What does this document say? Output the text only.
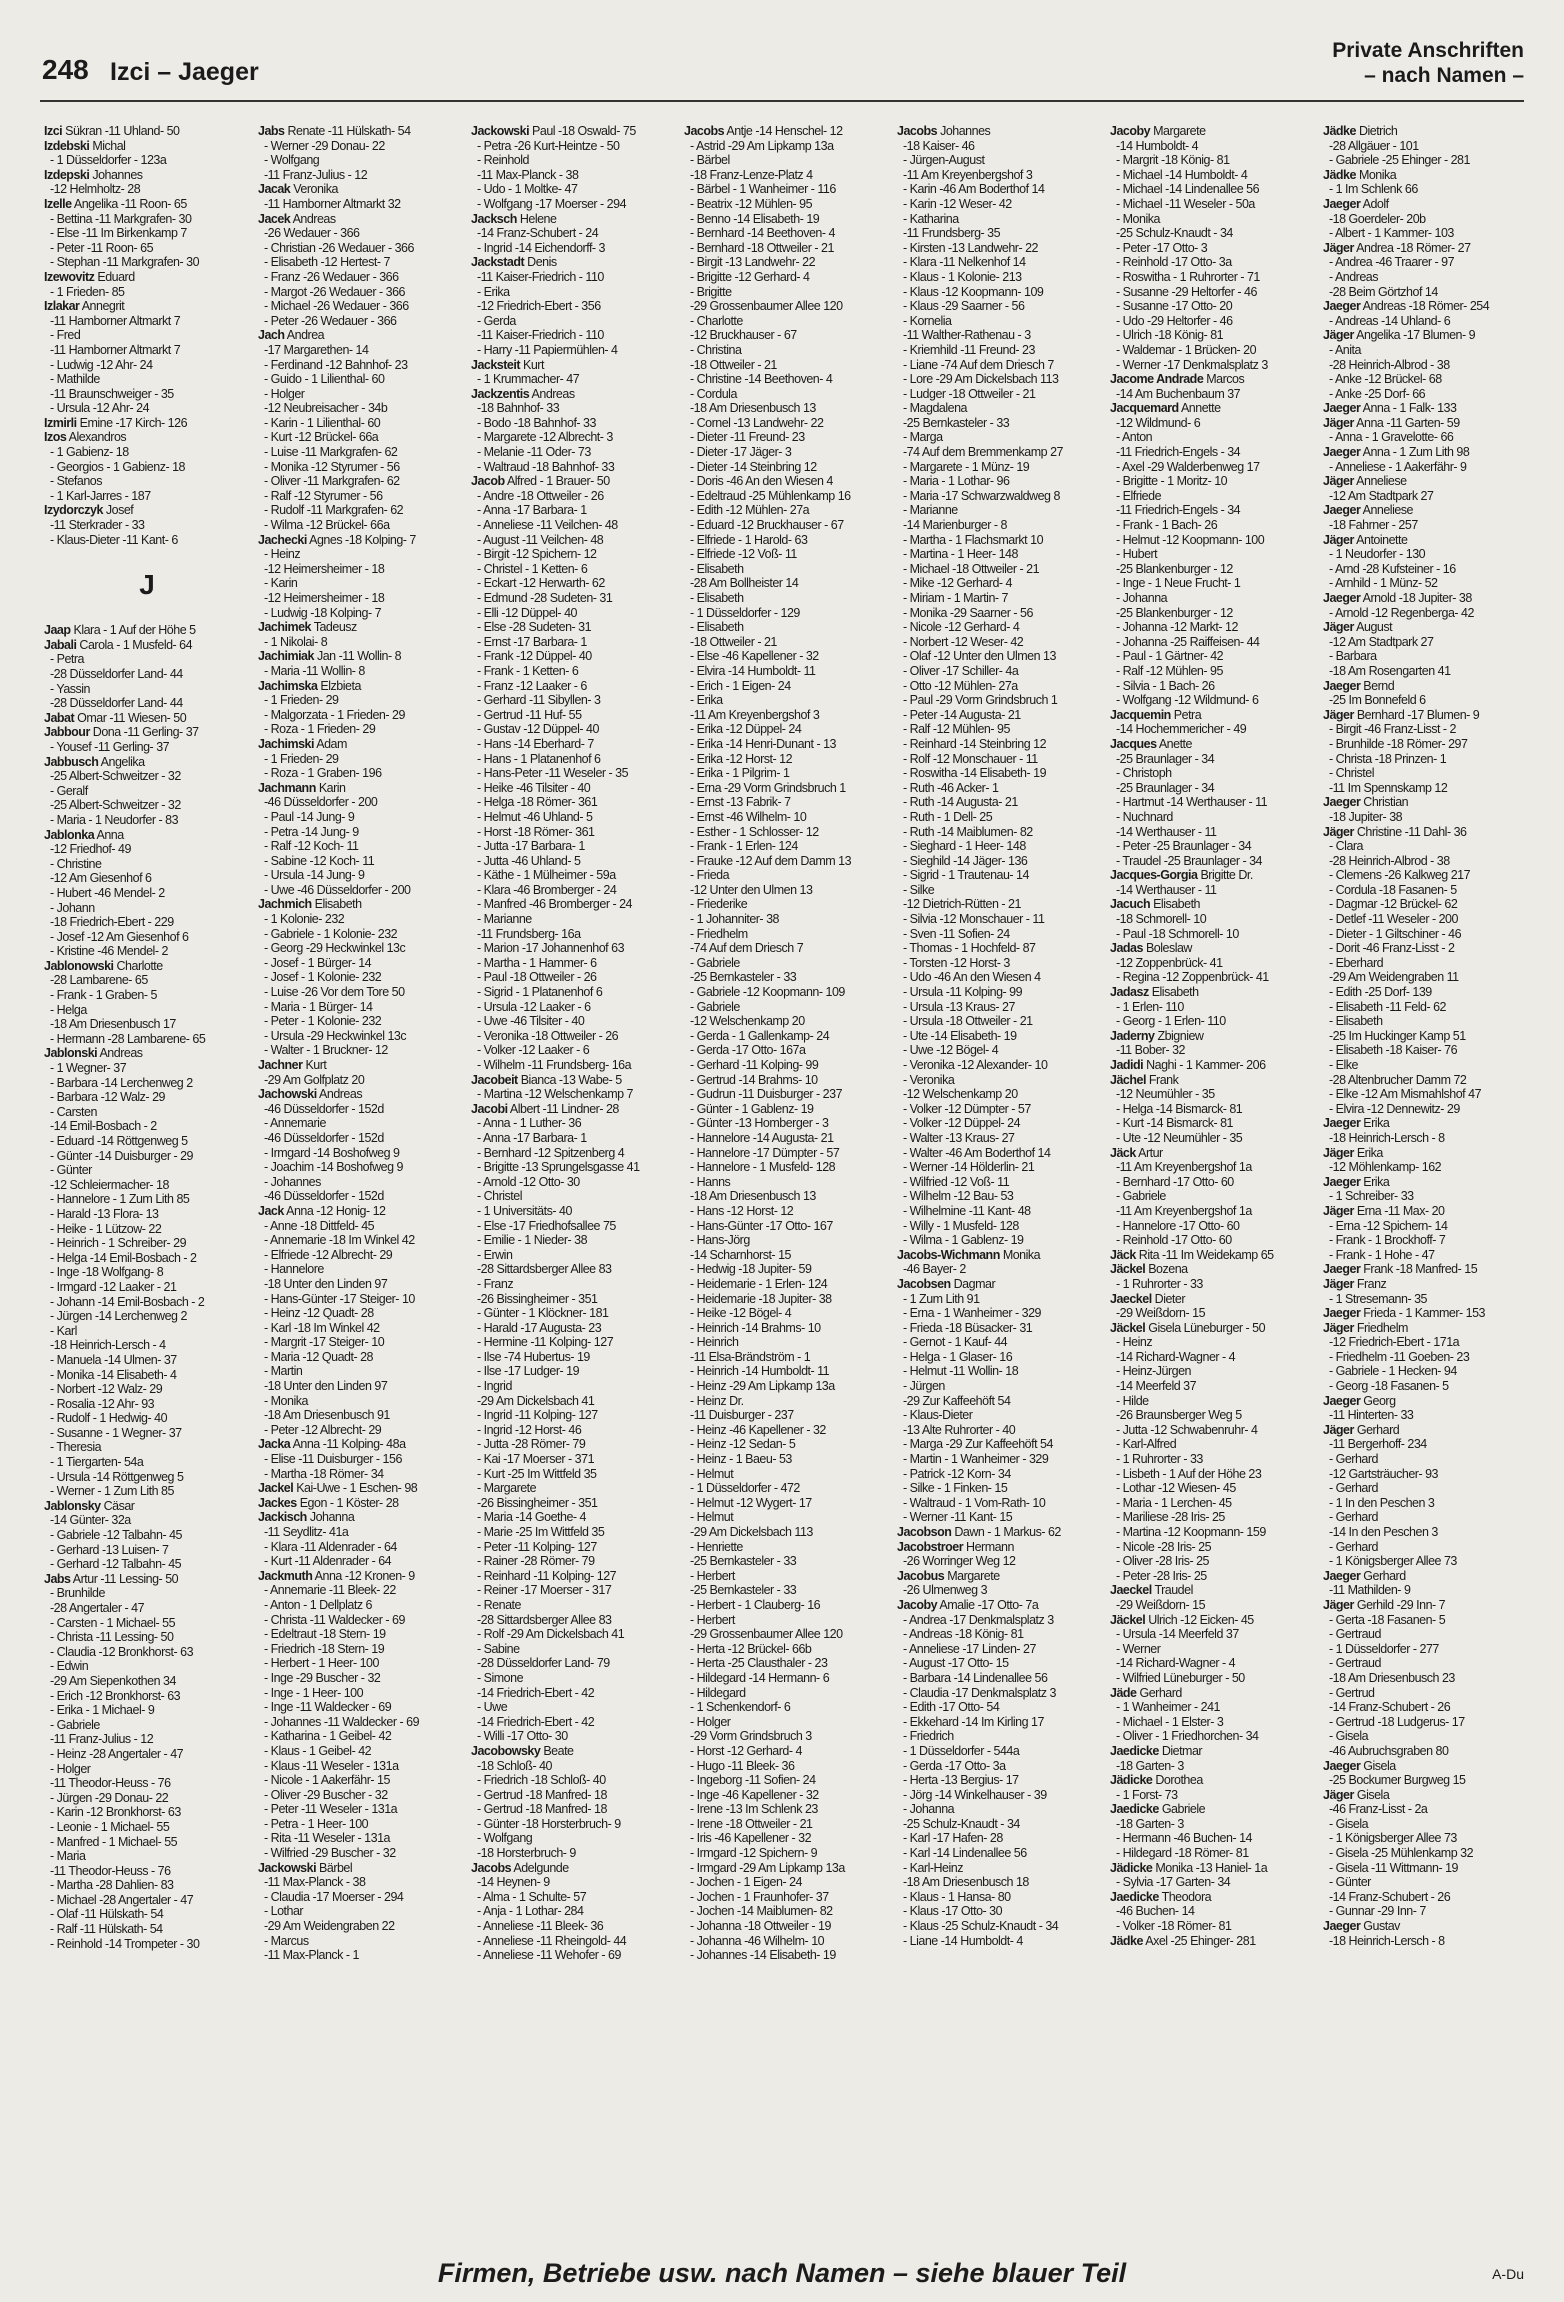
248 Izci – Jaeger
Private Anschriften
– nach Namen –
Izci Sükran -11 Uhland- 50
Izdebski Michal
- 1 Düsseldorfer - 123a
Izdepski Johannes
-12 Helmholtz- 28
Izelle Angelika -11 Roon- 65
- Bettina -11 Markgrafen- 30
- Else -11 Im Birkenkamp 7
- Peter -11 Roon- 65
- Stephan -11 Markgrafen- 30
Izewovitz Eduard
- 1 Frieden- 85
Izlakar Annegrit
-11 Hamborner Altmarkt 7
- Fred
-11 Hamborner Altmarkt 7
- Ludwig -12 Ahr- 24
- Mathilde
-11 Braunschweiger - 35
- Ursula -12 Ahr- 24
Izmirli Emine -17 Kirch- 126
Izos Alexandros
- 1 Gabienz- 18
- Georgios - 1 Gabienz- 18
- Stefanos
- 1 Karl-Jarres - 187
Izydorczyk Josef
-11 Sterkrader - 33
- Klaus-Dieter -11 Kant- 6
J
Jaap Klara - 1 Auf der Höhe 5
Jabali Carola - 1 Musfeld- 64
- Petra
-28 Düsseldorfer Land- 44
- Yassin
-28 Düsseldorfer Land- 44
Jabat Omar -11 Wiesen- 50
Jabbour Dona -11 Gerling- 37
- Yousef -11 Gerling- 37
Jabbusch Angelika
-25 Albert-Schweitzer - 32
- Geralf
-25 Albert-Schweitzer - 32
- Maria - 1 Neudorfer - 83
Jablonka Anna
-12 Friedhof- 49
- Christine
-12 Am Giesenhof 6
- Hubert -46 Mendel- 2
- Johann
-18 Friedrich-Ebert - 229
- Josef -12 Am Giesenhof 6
- Kristine -46 Mendel- 2
Jablonowski Charlotte
-28 Lambarene- 65
- Frank - 1 Graben- 5
- Helga
-18 Am Driesenbusch 17
- Hermann -28 Lambarene- 65
Jablonski Andreas
- 1 Wegner- 37
- Barbara -14 Lerchenweg 2
- Barbara -12 Walz- 29
- Carsten
-14 Emil-Bosbach - 2
- Eduard -14 Röttgenweg 5
- Günter -14 Duisburger - 29
- Günter
-12 Schleiermacher- 18
- Hannelore - 1 Zum Lith 85
- Harald -13 Flora- 13
- Heike - 1 Lützow- 22
- Heinrich - 1 Schreiber- 29
- Helga -14 Emil-Bosbach - 2
- Inge -18 Wolfgang- 8
- Irmgard -12 Laaker - 21
- Johann -14 Emil-Bosbach - 2
- Jürgen -14 Lerchenweg 2
- Karl
-18 Heinrich-Lersch - 4
- Manuela -14 Ulmen- 37
- Monika -14 Elisabeth- 4
- Norbert -12 Walz- 29
- Rosalia -12 Ahr- 93
- Rudolf - 1 Hedwig- 40
- Susanne - 1 Wegner- 37
- Theresia
- 1 Tiergarten- 54a
- Ursula -14 Röttgenweg 5
- Werner - 1 Zum Lith 85
Jablonsky Cäsar
-14 Günter- 32a
- Gabriele -12 Talbahn- 45
- Gerhard -13 Luisen- 7
- Gerhard -12 Talbahn- 45
Jabs Artur -11 Lessing- 50
- Brunhilde
-28 Angertaler - 47
- Carsten - 1 Michael- 55
- Christa -11 Lessing- 50
- Claudia -12 Bronkhorst- 63
- Edwin
-29 Am Siepenkothen 34
- Erich -12 Bronkhorst- 63
- Erika - 1 Michael- 9
- Gabriele
-11 Franz-Julius - 12
- Heinz -28 Angertaler - 47
- Holger
-11 Theodor-Heuss - 76
- Jürgen -29 Donau- 22
- Karin -12 Bronkhorst- 63
- Leonie - 1 Michael- 55
- Manfred - 1 Michael- 55
- Maria
-11 Theodor-Heuss - 76
- Martha -28 Dahlien- 83
- Michael -28 Angertaler - 47
- Olaf -11 Hülskath- 54
- Ralf -11 Hülskath- 54
- Reinhold -14 Trompeter - 30
Jabs Renate -11 Hülskath- 54
- Werner -29 Donau- 22
- Wolfgang
-11 Franz-Julius - 12
Jacak Veronika
-11 Hamborner Altmarkt 32
Jacek Andreas
-26 Wedauer - 366
- Christian -26 Wedauer - 366
- Elisabeth -12 Hertest- 7
- Franz -26 Wedauer - 366
- Margot -26 Wedauer - 366
- Michael -26 Wedauer - 366
- Peter -26 Wedauer - 366
Jach Andrea
-17 Margarethen- 14
- Ferdinand -12 Bahnhof- 23
- Guido - 1 Lilienthal- 60
- Holger
-12 Neubreisacher - 34b
- Karin - 1 Lilienthal- 60
- Kurt -12 Brückel- 66a
- Luise -11 Markgrafen- 62
- Monika -12 Styrumer - 56
- Oliver -11 Markgrafen- 62
- Ralf -12 Styrumer - 56
- Rudolf -11 Markgrafen- 62
- Wilma -12 Brückel- 66a
Jachecki Agnes -18 Kolping- 7
- Heinz
-12 Heimersheimer - 18
- Karin
-12 Heimersheimer - 18
- Ludwig -18 Kolping- 7
Jachimek Tadeusz
- 1 Nikolai- 8
Jachimiak Jan -11 Wollin- 8
- Maria -11 Wollin- 8
Jachimska Elzbieta
- 1 Frieden- 29
- Malgorzata - 1 Frieden- 29
- Roza - 1 Frieden- 29
Jachimski Adam
- 1 Frieden- 29
- Roza - 1 Graben- 196
Jachmann Karin
-46 Düsseldorfer - 200
- Paul -14 Jung- 9
- Petra -14 Jung- 9
- Ralf -12 Koch- 11
- Sabine -12 Koch- 11
- Ursula -14 Jung- 9
- Uwe -46 Düsseldorfer - 200
Jachmich Elisabeth
- 1 Kolonie- 232
- Gabriele - 1 Kolonie- 232
- Georg -29 Heckwinkel 13c
- Josef - 1 Bürger- 14
- Josef - 1 Kolonie- 232
- Luise -26 Vor dem Tore 50
- Maria - 1 Bürger- 14
- Peter - 1 Kolonie- 232
- Ursula -29 Heckwinkel 13c
- Walter - 1 Bruckner- 12
Jachner Kurt
-29 Am Golfplatz 20
Jachowski Andreas
-46 Düsseldorfer - 152d
- Annemarie
-46 Düsseldorfer - 152d
- Irmgard -14 Boshofweg 9
- Joachim -14 Boshofweg 9
- Johannes
-46 Düsseldorfer - 152d
Jack Anna -12 Honig- 12
- Anne -18 Dittfeld- 45
- Annemarie -18 Im Winkel 42
- Elfriede -12 Albrecht- 29
- Hannelore
-18 Unter den Linden 97
- Hans-Günter -17 Steiger- 10
- Heinz -12 Quadt- 28
- Karl -18 Im Winkel 42
- Margrit -17 Steiger- 10
- Maria -12 Quadt- 28
- Martin
-18 Unter den Linden 97
- Monika
-18 Am Driesenbusch 91
- Peter -12 Albrecht- 29
Jacka Anna -11 Kolping- 48a
- Elise -11 Duisburger - 156
- Martha -18 Römer- 34
Jackel Kai-Uwe - 1 Eschen- 98
Jackes Egon - 1 Köster- 28
Jackisch Johanna
-11 Seydlitz- 41a
- Klara -11 Aldenrader - 64
- Kurt -11 Aldenrader - 64
Jackmuth Anna -12 Kronen- 9
- Annemarie -11 Bleek- 22
- Anton - 1 Dellplatz 6
- Christa -11 Waldecker - 69
- Edeltraut -18 Stern- 19
- Friedrich -18 Stern- 19
- Herbert - 1 Heer- 100
- Inge -29 Buscher - 32
- Inge - 1 Heer- 100
- Inge -11 Waldecker - 69
- Johannes -11 Waldecker - 69
- Katharina - 1 Geibel- 42
- Klaus - 1 Geibel- 42
- Klaus -11 Weseler - 131a
- Nicole - 1 Aakerfähr- 15
- Oliver -29 Buscher - 32
- Peter -11 Weseler - 131a
- Petra - 1 Heer- 100
- Rita -11 Weseler - 131a
- Wilfried -29 Buscher - 32
Jackowski Bärbel
-11 Max-Planck - 38
- Claudia -17 Moerser - 294
- Lothar
-29 Am Weidengraben 22
- Marcus
-11 Max-Planck - 1
Jackowski Paul -18 Oswald- 75
- Petra -26 Kurt-Heintze - 50
- Reinhold
-11 Max-Planck - 38
- Udo - 1 Moltke- 47
- Wolfgang -17 Moerser - 294
Jacksch Helene
-14 Franz-Schubert - 24
- Ingrid -14 Eichendorff- 3
Jackstadt Denis
-11 Kaiser-Friedrich - 110
- Erika
-12 Friedrich-Ebert - 356
- Gerda
-11 Kaiser-Friedrich - 110
- Harry -11 Papiermühlen- 4
Jacksteit Kurt
- 1 Krummacher- 47
Jackzentis Andreas
-18 Bahnhof- 33
- Bodo -18 Bahnhof- 33
- Margarete -12 Albrecht- 3
- Melanie -11 Oder- 73
- Waltraud -18 Bahnhof- 33
Jacob Alfred - 1 Brauer- 50
- Andre -18 Ottweiler - 26
- Anna -17 Barbara- 1
- Anneliese -11 Veilchen- 48
- August -11 Veilchen- 48
- Birgit -12 Spichern- 12
- Christel - 1 Ketten- 6
- Eckart -12 Herwarth- 62
- Edmund -28 Sudeten- 31
- Elli -12 Düppel- 40
- Else -28 Sudeten- 31
- Ernst -17 Barbara- 1
- Frank -12 Düppel- 40
- Frank - 1 Ketten- 6
- Franz -12 Laaker - 6
- Gerhard -11 Sibyllen- 3
- Gertrud -11 Huf- 55
- Gustav -12 Düppel- 40
- Hans -14 Eberhard- 7
- Hans - 1 Platanenhof 6
- Hans-Peter -11 Weseler - 35
- Heike -46 Tilsiter - 40
- Helga -18 Römer- 361
- Helmut -46 Uhland- 5
- Horst -18 Römer- 361
- Jutta -17 Barbara- 1
- Jutta -46 Uhland- 5
- Käthe - 1 Mülheimer - 59a
- Klara -46 Bromberger - 24
- Manfred -46 Bromberger - 24
- Marianne
-11 Frundsberg- 16a
- Marion -17 Johannenhof 63
- Martha - 1 Hammer- 6
- Paul -18 Ottweiler - 26
- Sigrid - 1 Platanenhof 6
- Ursula -12 Laaker - 6
- Uwe -46 Tilsiter - 40
- Veronika -18 Ottweiler - 26
- Volker -12 Laaker - 6
- Wilhelm -11 Frundsberg- 16a
Jacobeit Bianca -13 Wabe- 5
- Martina -12 Welschenkamp 7
Jacobi Albert -11 Lindner- 28
- Anna - 1 Luther- 36
- Anna -17 Barbara- 1
- Bernhard -12 Spitzenberg 4
- Brigitte -13 Sprungelsgasse 41
- Arnold -12 Otto- 30
- Christel
- 1 Universitäts- 40
- Else -17 Friedhofsallee 75
- Emilie - 1 Nieder- 38
- Erwin
-28 Sittardsberger Allee 83
- Franz
-26 Bissingheimer - 351
- Günter - 1 Klöckner- 181
- Harald -17 Augusta- 23
- Hermine -11 Kolping- 127
- Ilse -74 Hubertus- 19
- Ilse -17 Ludger- 19
- Ingrid
-29 Am Dickelsbach 41
- Ingrid -11 Kolping- 127
- Ingrid -12 Horst- 46
- Jutta -28 Römer- 79
- Kai -17 Moerser - 371
- Kurt -25 Im Wittfeld 35
- Margarete
-26 Bissingheimer - 351
- Maria -14 Goethe- 4
- Marie -25 Im Wittfeld 35
- Peter -11 Kolping- 127
- Rainer -28 Römer- 79
- Reinhard -11 Kolping- 127
- Reiner -17 Moerser - 317
- Renate
-28 Sittardsberger Allee 83
- Rolf -29 Am Dickelsbach 41
- Sabine
-28 Düsseldorfer Land- 79
- Simone
-14 Friedrich-Ebert - 42
- Uwe
-14 Friedrich-Ebert - 42
- Willi -17 Otto- 30
Jacobowsky Beate
-18 Schloß- 40
- Friedrich -18 Schloß- 40
- Gertrud -18 Manfred- 18
- Gertrud -18 Manfred- 18
- Günter -18 Horsterbruch- 9
- Wolfgang
-18 Horsterbruch- 9
Jacobs Adelgunde
-14 Heynen- 9
- Alma - 1 Schulte- 57
- Anja - 1 Lothar- 284
- Anneliese -11 Bleek- 36
- Anneliese -11 Rheingold- 44
- Anneliese -11 Wehofer - 69
Jacobs Antje -14 Henschel- 12
- Astrid -29 Am Lipkamp 13a
- Bärbel
-18 Franz-Lenze-Platz 4
- Bärbel - 1 Wanheimer - 116
- Beatrix -12 Mühlen- 95
- Benno -14 Elisabeth- 19
- Bernhard -14 Beethoven- 4
- Bernhard -18 Ottweiler - 21
- Birgit -13 Landwehr- 22
- Brigitte -12 Gerhard- 4
- Brigitte
-29 Grossenbaumer Allee 120
- Charlotte
-12 Bruckhauser - 67
- Christina
-18 Ottweiler - 21
- Christine -14 Beethoven- 4
- Cordula
-18 Am Driesenbusch 13
- Cornel -13 Landwehr- 22
- Dieter -11 Freund- 23
- Dieter -17 Jäger- 3
- Dieter -14 Steinbring 12
- Doris -46 An den Wiesen 4
- Edeltraud -25 Mühlenkamp 16
- Edith -12 Mühlen- 27a
- Eduard -12 Bruckhauser - 67
- Elfriede - 1 Harold- 63
- Elfriede -12 Voß- 11
- Elisabeth
-28 Am Bollheister 14
- Elisabeth
- 1 Düsseldorfer - 129
- Elisabeth
-18 Ottweiler - 21
- Else -46 Kapellener - 32
- Elvira -14 Humboldt- 11
- Erich - 1 Eigen- 24
- Erika
-11 Am Kreyenbergshof 3
- Erika -12 Düppel- 24
- Erika -14 Henri-Dunant - 13
- Erika -12 Horst- 12
- Erika - 1 Pilgrim- 1
- Erna -29 Vorm Grindsbruch 1
- Ernst -13 Fabrik- 7
- Ernst -46 Wilhelm- 10
- Esther - 1 Schlosser- 12
- Frank - 1 Erlen- 124
- Frauke -12 Auf dem Damm 13
- Frieda
-12 Unter den Ulmen 13
- Friederike
- 1 Johanniter- 38
- Friedhelm
-74 Auf dem Driesch 7
- Gabriele
-25 Bernkasteler - 33
- Gabriele -12 Koopmann- 109
- Gabriele
-12 Welschenkamp 20
- Gerda - 1 Gallenkamp- 24
- Gerda -17 Otto- 167a
- Gerhard -11 Kolping- 99
- Gertrud -14 Brahms- 10
- Gudrun -11 Duisburger - 237
- Günter - 1 Gablenz- 19
- Günter -13 Homberger - 3
- Hannelore -14 Augusta- 21
- Hannelore -17 Dümpter - 57
- Hannelore - 1 Musfeld- 128
- Hanns
-18 Am Driesenbusch 13
- Hans -12 Horst- 12
- Hans-Günter -17 Otto- 167
- Hans-Jörg
-14 Scharnhorst- 15
- Hedwig -18 Jupiter- 59
- Heidemarie - 1 Erlen- 124
- Heidemarie -18 Jupiter- 38
- Heike -12 Bögel- 4
- Heinrich -14 Brahms- 10
- Heinrich
-11 Elsa-Brändström - 1
- Heinrich -14 Humboldt- 11
- Heinz -29 Am Lipkamp 13a
- Heinz Dr.
-11 Duisburger - 237
- Heinz -46 Kapellener - 32
- Heinz -12 Sedan- 5
- Heinz - 1 Baeu- 53
- Helmut
- 1 Düsseldorfer - 472
- Helmut -12 Wygert- 17
- Helmut
-29 Am Dickelsbach 113
- Henriette
-25 Bernkasteler - 33
- Herbert
-25 Bernkasteler - 33
- Herbert - 1 Clauberg- 16
- Herbert
-29 Grossenbaumer Allee 120
- Herta -12 Brückel- 66b
- Herta -25 Clausthaler - 23
- Hildegard -14 Hermann- 6
- Hildegard
- 1 Schenkendorf- 6
- Holger
-29 Vorm Grindsbruch 3
- Horst -12 Gerhard- 4
- Hugo -11 Bleek- 36
- Ingeborg -11 Sofien- 24
- Inge -46 Kapellener - 32
- Irene -13 Im Schlenk 23
- Irene -18 Ottweiler - 21
- Iris -46 Kapellener - 32
- Irmgard -12 Spichern- 9
- Irmgard -29 Am Lipkamp 13a
- Jochen - 1 Eigen- 24
- Jochen - 1 Fraunhofer- 37
- Jochen -14 Maiblumen- 82
- Johanna -18 Ottweiler - 19
- Johanna -46 Wilhelm- 10
- Johannes -14 Elisabeth- 19
Jacobs Johannes
-18 Kaiser- 46
- Jürgen-August
-11 Am Kreyenbergshof 3
- Karin -46 Am Boderthof 14
- Karin -12 Weser- 42
- Katharina
-11 Frundsberg- 35
- Kirsten -13 Landwehr- 22
- Klara -11 Nelkenhof 14
- Klaus - 1 Kolonie- 213
- Klaus -12 Koopmann- 109
- Klaus -29 Saarner - 56
- Kornelia
-11 Walther-Rathenau - 3
- Kriemhild -11 Freund- 23
- Liane -74 Auf dem Driesch 7
- Lore -29 Am Dickelsbach 113
- Ludger -18 Ottweiler - 21
- Magdalena
-25 Bernkasteler - 33
- Marga
-74 Auf dem Bremmenkamp 27
- Margarete - 1 Münz- 19
- Maria - 1 Lothar- 96
- Maria -17 Schwarzwaldweg 8
- Marianne
-14 Marienburger - 8
- Martha - 1 Flachsmarkt 10
- Martina - 1 Heer- 148
- Michael -18 Ottweiler - 21
- Mike -12 Gerhard- 4
- Miriam - 1 Martin- 7
- Monika -29 Saarner - 56
- Nicole -12 Gerhard- 4
- Norbert -12 Weser- 42
- Olaf -12 Unter den Ulmen 13
- Oliver -17 Schiller- 4a
- Otto -12 Mühlen- 27a
- Paul -29 Vorm Grindsbruch 1
- Peter -14 Augusta- 21
- Ralf -12 Mühlen- 95
- Reinhard -14 Steinbring 12
- Rolf -12 Monschauer - 11
- Roswitha -14 Elisabeth- 19
- Ruth -46 Acker- 1
- Ruth -14 Augusta- 21
- Ruth - 1 Dell- 25
- Ruth -14 Maiblumen- 82
- Sieghard - 1 Heer- 148
- Sieghild -14 Jäger- 136
- Sigrid - 1 Trautenau- 14
- Silke
-12 Dietrich-Rütten - 21
- Silvia -12 Monschauer - 11
- Sven -11 Sofien- 24
- Thomas - 1 Hochfeld- 87
- Torsten -12 Horst- 3
- Udo -46 An den Wiesen 4
- Ursula -11 Kolping- 99
- Ursula -13 Kraus- 27
- Ursula -18 Ottweiler - 21
- Ute -14 Elisabeth- 19
- Uwe -12 Bögel- 4
- Veronika -12 Alexander- 10
- Veronika
-12 Welschenkamp 20
- Volker -12 Dümpter - 57
- Volker -12 Düppel- 24
- Walter -13 Kraus- 27
- Walter -46 Am Boderthof 14
- Werner -14 Hölderlin- 21
- Wilfried -12 Voß- 11
- Wilhelm -12 Bau- 53
- Wilhelmine -11 Kant- 48
- Willy - 1 Musfeld- 128
- Wilma - 1 Gablenz- 19
Jacobs-Wichmann Monika
-46 Bayer- 2
Jacobsen Dagmar
- 1 Zum Lith 91
- Erna - 1 Wanheimer - 329
- Frieda -18 Büsacker- 31
- Gernot - 1 Kauf- 44
- Helga - 1 Glaser- 16
- Helmut -11 Wollin- 18
- Jürgen
-29 Zur Kaffeehöft 54
- Klaus-Dieter
-13 Alte Ruhrorter - 40
- Marga -29 Zur Kaffeehöft 54
- Martin - 1 Wanheimer - 329
- Patrick -12 Korn- 34
- Silke - 1 Finken- 15
- Waltraud - 1 Vom-Rath- 10
- Werner -11 Kant- 15
Jacobson Dawn - 1 Markus- 62
Jacobstroer Hermann
-26 Worringer Weg 12
Jacobus Margarete
-26 Ulmenweg 3
Jacoby Amalie -17 Otto- 7a
- Andrea -17 Denkmalsplatz 3
- Andreas -18 König- 81
- Anneliese -17 Linden- 27
- August -17 Otto- 15
- Barbara -14 Lindenallee 56
- Claudia -17 Denkmalsplatz 3
- Edith -17 Otto- 54
- Ekkehard -14 Im Kirling 17
- Friedrich
- 1 Düsseldorfer - 544a
- Gerda -17 Otto- 3a
- Herta -13 Bergius- 17
- Jörg -14 Winkelhauser - 39
- Johanna
-25 Schulz-Knaudt - 34
- Karl -17 Hafen- 28
- Karl -14 Lindenallee 56
- Karl-Heinz
-18 Am Driesenbusch 18
- Klaus - 1 Hansa- 80
- Klaus -17 Otto- 30
- Klaus -25 Schulz-Knaudt - 34
- Liane -14 Humboldt- 4
Jacoby Margarete
-14 Humboldt- 4
- Margrit -18 König- 81
- Michael -14 Humboldt- 4
- Michael -14 Lindenallee 56
- Michael -11 Weseler - 50a
- Monika
-25 Schulz-Knaudt - 34
- Peter -17 Otto- 3
- Reinhold -17 Otto- 3a
- Roswitha - 1 Ruhrorter - 71
- Susanne -29 Heltorfer - 46
- Susanne -17 Otto- 20
- Udo -29 Heltorfer - 46
- Ulrich -18 König- 81
- Waldemar - 1 Brücken- 20
- Werner -17 Denkmalsplatz 3
Jacome Andrade Marcos
-14 Am Buchenbaum 37
Jacquemard Annette
-12 Wildmund- 6
- Anton
-11 Friedrich-Engels - 34
- Axel -29 Walderbenweg 17
- Brigitte - 1 Moritz- 10
- Elfriede
-11 Friedrich-Engels - 34
- Frank - 1 Bach- 26
- Helmut -12 Koopmann- 100
- Hubert
-25 Blankenburger - 12
- Inge - 1 Neue Frucht- 1
- Johanna
-25 Blankenburger - 12
- Johanna -12 Markt- 12
- Johanna -25 Raiffeisen- 44
- Paul - 1 Gärtner- 42
- Ralf -12 Mühlen- 95
- Silvia - 1 Bach- 26
- Wolfgang -12 Wildmund- 6
Jacquemin Petra
-14 Hochemmericher - 49
Jacques Anette
-25 Braunlager - 34
- Christoph
-25 Braunlager - 34
- Hartmut -14 Werthauser - 11
- Nuchnard
-14 Werthauser - 11
- Peter -25 Braunlager - 34
- Traudel -25 Braunlager - 34
Jacques-Gorgia Brigitte Dr.
-14 Werthauser - 11
Jacuch Elisabeth
-18 Schmorell- 10
- Paul -18 Schmorell- 10
Jadas Boleslaw
-12 Zoppenbrück- 41
- Regina -12 Zoppenbrück- 41
Jadasz Elisabeth
- 1 Erlen- 110
- Georg - 1 Erlen- 110
Jaderny Zbigniew
-11 Bober- 32
Jadidi Naghi - 1 Kammer- 206
Jächel Frank
-12 Neumühler - 35
- Helga -14 Bismarck- 81
- Kurt -14 Bismarck- 81
- Ute -12 Neumühler - 35
Jäck Artur
-11 Am Kreyenbergshof 1a
- Bernhard -17 Otto- 60
- Gabriele
-11 Am Kreyenbergshof 1a
- Hannelore -17 Otto- 60
- Reinhold -17 Otto- 60
Jäck Rita -11 Im Weidekamp 65
Jäckel Bozena
- 1 Ruhrorter - 33
Jaeckel Dieter
-29 Weißdorn- 15
Jäckel Gisela Lüneburger - 50
- Heinz
-14 Richard-Wagner - 4
- Heinz-Jürgen
-14 Meerfeld 37
- Hilde
-26 Braunsberger Weg 5
- Jutta -12 Schwabenruhr- 4
- Karl-Alfred
- 1 Ruhrorter - 33
- Lisbeth - 1 Auf der Höhe 23
- Lothar -12 Wiesen- 45
- Maria - 1 Lerchen- 45
- Mariliese -28 Iris- 25
- Martina -12 Koopmann- 159
- Nicole -28 Iris- 25
- Oliver -28 Iris- 25
- Peter -28 Iris- 25
Jaeckel Traudel
-29 Weißdorn- 15
Jäckel Ulrich -12 Eicken- 45
- Ursula -14 Meerfeld 37
- Werner
-14 Richard-Wagner - 4
- Wilfried Lüneburger - 50
Jäde Gerhard
- 1 Wanheimer - 241
- Michael - 1 Elster- 3
- Oliver - 1 Friedhorchen- 34
Jaedicke Dietmar
-18 Garten- 3
Jädicke Dorothea
- 1 Forst- 73
Jaedicke Gabriele
-18 Garten- 3
- Hermann -46 Buchen- 14
- Hildegard -18 Römer- 81
Jädicke Monika -13 Haniel- 1a
- Sylvia -17 Garten- 34
Jaedicke Theodora
-46 Buchen- 14
- Volker -18 Römer- 81
Jädke Axel -25 Ehinger- 281
Jädke Dietrich
-28 Allgäuer - 101
- Gabriele -25 Ehinger - 281
Jädke Monika
- 1 Im Schlenk 66
Jaeger Adolf
-18 Goerdeler- 20b
- Albert - 1 Kammer- 103
Jäger Andrea -18 Römer- 27
- Andrea -46 Traarer - 97
- Andreas
-28 Beim Görtzhof 14
Jaeger Andreas -18 Römer- 254
- Andreas -14 Uhland- 6
Jäger Angelika -17 Blumen- 9
- Anita
-28 Heinrich-Albrod - 38
- Anke -12 Brückel- 68
- Anke -25 Dorf- 66
Jaeger Anna - 1 Falk- 133
Jäger Anna -11 Garten- 59
- Anna - 1 Gravelotte- 66
Jaeger Anna - 1 Zum Lith 98
- Anneliese - 1 Aakerfähr- 9
Jäger Anneliese
-12 Am Stadtpark 27
Jaeger Anneliese
-18 Fahrner - 257
Jäger Antoinette
- 1 Neudorfer - 130
- Arnd -28 Kufsteiner - 16
- Arnhild - 1 Münz- 52
Jaeger Arnold -18 Jupiter- 38
- Arnold -12 Regenberga- 42
Jäger August
-12 Am Stadtpark 27
- Barbara
-18 Am Rosengarten 41
Jaeger Bernd
-25 Im Bonnefeld 6
Jäger Bernhard -17 Blumen- 9
- Birgit -46 Franz-Lisst - 2
- Brunhilde -18 Römer- 297
- Christa -18 Prinzen- 1
- Christel
-11 Im Spennskamp 12
Jaeger Christian
-18 Jupiter- 38
Jäger Christine -11 Dahl- 36
- Clara
-28 Heinrich-Albrod - 38
- Clemens -26 Kalkweg 217
- Cordula -18 Fasanen- 5
- Dagmar -12 Brückel- 62
- Detlef -11 Weseler - 200
- Dieter - 1 Giltschiner - 46
- Dorit -46 Franz-Lisst - 2
- Eberhard
-29 Am Weidengraben 11
- Edith -25 Dorf- 139
- Elisabeth -11 Feld- 62
- Elisabeth
-25 Im Huckinger Kamp 51
- Elisabeth -18 Kaiser- 76
- Elke
-28 Altenbrucher Damm 72
- Elke -12 Am Mismahlshof 47
- Elvira -12 Dennewitz- 29
Jaeger Erika
-18 Heinrich-Lersch - 8
Jäger Erika
-12 Möhlenkamp- 162
Jaeger Erika
- 1 Schreiber- 33
Jäger Erna -11 Max- 20
- Erna -12 Spichern- 14
- Frank - 1 Brockhoff- 7
- Frank - 1 Hohe - 47
Jaeger Frank -18 Manfred- 15
Jäger Franz
- 1 Stresemann- 35
Jaeger Frieda - 1 Kammer- 153
Jäger Friedhelm
-12 Friedrich-Ebert - 171a
- Friedhelm -11 Goeben- 23
- Gabriele - 1 Hecken- 94
- Georg -18 Fasanen- 5
Jaeger Georg
-11 Hinterten- 33
Jäger Gerhard
-11 Bergerhoff- 234
- Gerhard
-12 Gartsträucher- 93
- Gerhard
- 1 In den Peschen 3
- Gerhard
-14 In den Peschen 3
- Gerhard
- 1 Königsberger Allee 73
Jaeger Gerhard
-11 Mathilden- 9
Jäger Gerhild -29 Inn- 7
- Gerta -18 Fasanen- 5
- Gertraud
- 1 Düsseldorfer - 277
- Gertraud
-18 Am Driesenbusch 23
- Gertrud
-14 Franz-Schubert - 26
- Gertrud -18 Ludgerus- 17
- Gisela
-46 Aubruchsgraben 80
Jaeger Gisela
-25 Bockumer Burgweg 15
Jäger Gisela
-46 Franz-Lisst - 2a
- Gisela
- 1 Königsberger Allee 73
- Gisela -25 Mühlenkamp 32
- Gisela -11 Wittmann- 19
- Günter
-14 Franz-Schubert - 26
- Gunnar -29 Inn- 7
Jaeger Gustav
-18 Heinrich-Lersch - 8
Firmen, Betriebe usw. nach Namen – siehe blauer Teil	A-Du
